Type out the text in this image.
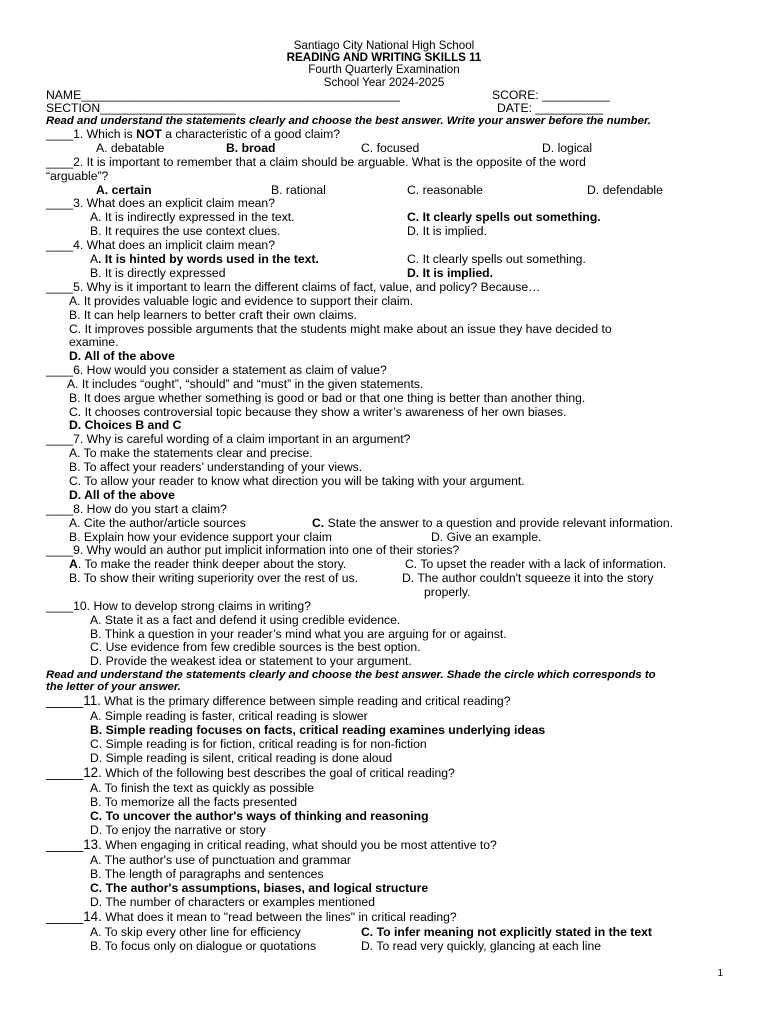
Santiago City National High School
READING AND WRITING SKILLS 11
Fourth Quarterly Examination
School Year 2024-2025
NAME_______________________________________________	SCORE: __________
SECTION____________________	DATE: __________
Read and understand the statements clearly and choose the best answer. Write your answer before the number.
____1. Which is NOT a characteristic of a good claim?
A. debatable	B. broad	C. focused	D. logical
____2. It is important to remember that a claim should be arguable. What is the opposite of the word
“arguable”?
A. certain	B. rational	C. reasonable	D. defendable
____3. What does an explicit claim mean?
A. It is indirectly expressed in the text.	C. It clearly spells out something.
B. It requires the use context clues.	D. It is implied.
____4. What does an implicit claim mean?
A. It is hinted by words used in the text.	C. It clearly spells out something.
B. It is directly expressed	D. It is implied.
____5. Why is it important to learn the different claims of fact, value, and policy? Because…
A. It provides valuable logic and evidence to support their claim.
B. It can help learners to better craft their own claims.
C. It improves possible arguments that the students might make about an issue they have decided to
examine.
D. All of the above
____6. How would you consider a statement as claim of value?
A. It includes “ought”, “should” and “must” in the given statements.
B. It does argue whether something is good or bad or that one thing is better than another thing.
C. It chooses controversial topic because they show a writer’s awareness of her own biases.
D. Choices B and C
____7. Why is careful wording of a claim important in an argument?
A. To make the statements clear and precise.
B. To affect your readers’ understanding of your views.
C. To allow your reader to know what direction you will be taking with your argument.
D. All of the above
____8. How do you start a claim?
A. Cite the author/article sources	C. State the answer to a question and provide relevant information.
B. Explain how your evidence support your claim	D. Give an example.
____9. Why would an author put implicit information into one of their stories?
A. To make the reader think deeper about the story.	C. To upset the reader with a lack of information.
B. To show their writing superiority over the rest of us.	D. The author couldn't squeeze it into the story
properly.
____10. How to develop strong claims in writing?
A. State it as a fact and defend it using credible evidence.
B. Think a question in your reader’s mind what you are arguing for or against.
C. Use evidence from few credible sources is the best option.
D. Provide the weakest idea or statement to your argument.
Read and understand the statements clearly and choose the best answer. Shade the circle which corresponds to
the letter of your answer.
_____11. What is the primary difference between simple reading and critical reading?
A. Simple reading is faster, critical reading is slower
B. Simple reading focuses on facts, critical reading examines underlying ideas
C. Simple reading is for fiction, critical reading is for non-fiction
D. Simple reading is silent, critical reading is done aloud
_____12. Which of the following best describes the goal of critical reading?
A. To finish the text as quickly as possible
B. To memorize all the facts presented
C. To uncover the author's ways of thinking and reasoning
D. To enjoy the narrative or story
_____13. When engaging in critical reading, what should you be most attentive to?
A. The author's use of punctuation and grammar
B. The length of paragraphs and sentences
C. The author's assumptions, biases, and logical structure
D. The number of characters or examples mentioned
_____14. What does it mean to "read between the lines" in critical reading?
A. To skip every other line for efficiency	C. To infer meaning not explicitly stated in the text
B. To focus only on dialogue or quotations	D. To read very quickly, glancing at each line
1
